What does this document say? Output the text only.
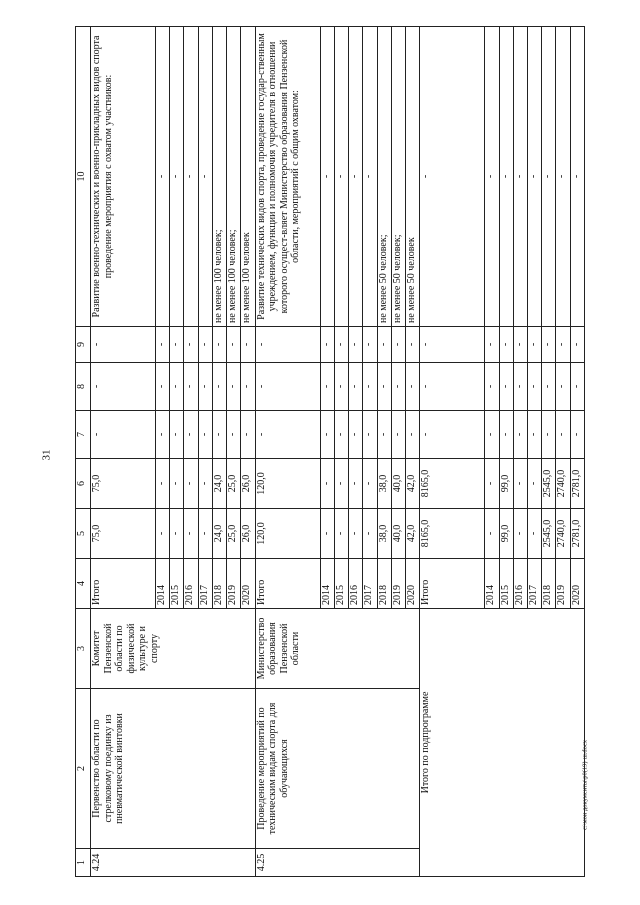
31
c:\мои документы\р0(19)-ш.docx
1	2	3	4	5	6	7	8	9	10
4.24	Первенство области по стрелковому поединку из пневматической винтовки	Комитет Пензенской области по физической культуре и спорту	Итого	75,0	75,0	-	-	-	Развитие военно-технических и военно-прикладных видов спорта проведение мероприятия с охватом участников:
			2014	-	-	-	-	-	-
			2015	-	-	-	-	-	-
			2016	-	-	-	-	-	-
			2017	-	-	-	-	-	-
			2018	24,0	24,0	-	-	-	не менее 100 человек;
			2019	25,0	25,0	-	-	-	не менее 100 человек;
			2020	26,0	26,0	-	-	-	не менее 100 человек
4.25	Проведение мероприятий по техническим видам спорта для обучающихся	Министерство образования Пензенской области	Итого	120,0	120,0	-	-	-	Развитие технических видов спорта, проведение государ-ственным учреждением, функции и полномочия учредителя в отношении которого осущест-вляет Министерство образования Пензенской области, мероприятий с общим охватом:
			2014	-	-	-	-	-	-
			2015	-	-	-	-	-	-
			2016	-	-	-	-	-	-
			2017	-	-	-	-	-	-
			2018	38,0	38,0	-	-	-	не менее 50 человек;
			2019	40,0	40,0	-	-	-	не менее 50 человек;
			2020	42,0	42,0	-	-	-	не менее 50 человек
Итого по подпрограмме			Итого	8165,0	8165,0	-	-	-	-
			2014	-	-	-	-	-	-
			2015	99,0	99,0	-	-	-	-
			2016	-	-	-	-	-	-
			2017	-	-	-	-	-	-
			2018	2545,0	2545,0	-	-	-	-
			2019	2740,0	2740,0	-	-	-	-
			2020	2781,0	2781,0	-	-	-	-
